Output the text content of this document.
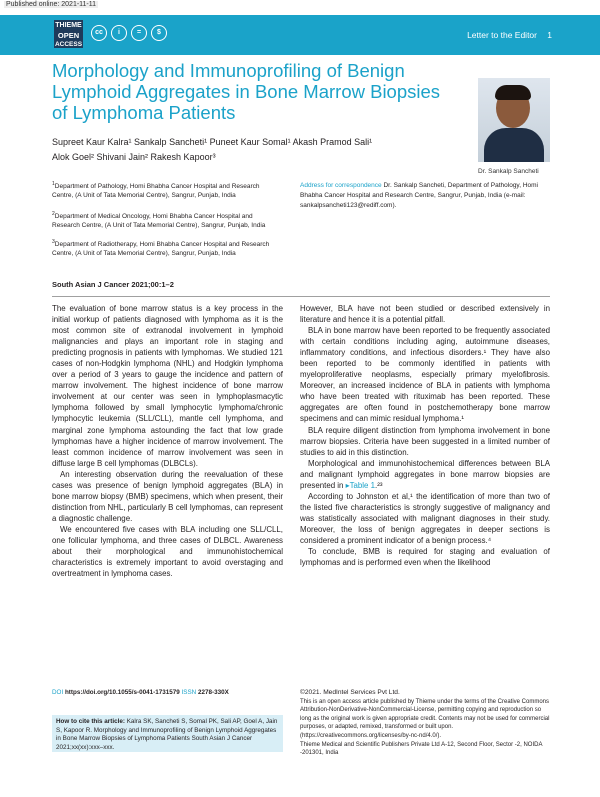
Published online: 2021-11-11
THIEME
OPEN
ACCESS
cc	i	=	$	Letter to the Editor 1
Morphology and Immunoprofiling of Benign Lymphoid Aggregates in Bone Marrow Biopsies of Lymphoma Patients
Dr. Sankalp Sancheti
Supreet Kaur Kalra¹ Sankalp Sancheti¹ Puneet Kaur Somal¹ Akash Pramod Sali¹
Alok Goel² Shivani Jain² Rakesh Kapoor³
$^1$Department of Pathology, Homi Bhabha Cancer Hospital and Research Centre, (A Unit of Tata Memorial Centre), Sangrur, Punjab, India
$^2$Department of Medical Oncology, Homi Bhabha Cancer Hospital and Research Centre, (A Unit of Tata Memorial Centre), Sangrur, Punjab, India
$^3$Department of Radiotherapy, Homi Bhabha Cancer Hospital and Research Centre, (A Unit of Tata Memorial Centre), Sangrur, Punjab, India
Address for correspondence Dr. Sankalp Sancheti, Department of Pathology, Homi Bhabha Cancer Hospital and Research Centre, Sangrur, Punjab, India (e-mail: sankalpsancheti123@rediff.com).
South Asian J Cancer 2021;00:1–2

The evaluation of bone marrow status is a key process in the initial workup of patients diagnosed with lymphoma as it is the most common site of extranodal involvement in lymphoid malignancies and plays an important role in staging and predicting prognosis in patients with lymphomas. We studied 121 cases of non-Hodgkin lymphoma (NHL) and Hodgkin lymphoma over a period of 3 years to gauge the incidence and pattern of marrow involvement. The highest incidence of bone marrow involvement at our center was seen in lymphoplasmacytic lymphoma followed by small lymphocytic lymphoma/chronic lymphocytic leukemia (SLL/CLL), mantle cell lymphoma, and marginal zone lymphoma astounding the fact that low grade lymphomas have a higher incidence of marrow involvement. The least common incidence of marrow involvement was seen in diffuse large B cell lymphomas (DLBCLs).

An interesting observation during the reevaluation of these cases was presence of benign lymphoid aggregates (BLA) in bone marrow biopsy (BMB) specimens, which when present, their distinction from NHL, particularly B cell lymphomas, can represent a diagnostic challenge.

We encountered five cases with BLA including one SLL/CLL, one follicular lymphoma, and three cases of DLBCL. Awareness about their morphological and immunohistochemical characteristics is extremely important to avoid overstaging and overtreatment in lymphoma cases.

However, BLA have not been studied or described extensively in literature and hence it is a potential pitfall.

BLA in bone marrow have been reported to be frequently associated with certain conditions including aging, autoimmune diseases, inflammatory conditions, and infectious disorders.¹ They have also been reported to be commonly identified in patients with myeloproliferative neoplasms, especially primary myelofibrosis. Moreover, an increased incidence of BLA in patients with lymphoma who have been treated with rituximab has been reported. These aggregates are often found in postchemotherapy bone marrow specimens and can mimic residual lymphoma.¹

BLA require diligent distinction from lymphoma involvement in bone marrow biopsies. Criteria have been suggested in a limited number of studies to aid in this distinction.

Morphological and immunohistochemical differences between BLA and malignant lymphoid aggregates in bone marrow biopsies are presented in ▸Table 1.²³

According to Johnston et al,¹ the identification of more than two of the listed five characteristics is strongly suggestive of malignancy and was statistically associated with malignant diagnoses in their study. Moreover, the loss of benign aggregates in deeper sections is considered a prominent indicator of a benign process.⁴

To conclude, BMB is required for staging and evaluation of lymphomas and is performed even when the likelihood

DOI https://doi.org/10.1055/s-0041-1731579 ISSN 2278-330X
How to cite this article: Kalra SK, Sancheti S, Somal PK, Sali AP, Goel A, Jain S, Kapoor R. Morphology and Immunoprofiling of Benign Lymphoid Aggregates in Bone Marrow Biopsies of Lymphoma Patients South Asian J Cancer 2021;xx(xx):xxx–xxx.
©2021. MedIntel Services Pvt Ltd.
This is an open access article published by Thieme under the terms of the Creative Commons Attribution-NonDerivative-NonCommercial-License, permitting copying and reproduction so long as the original work is given appropriate credit. Contents may not be used for commercial purposes, or adapted, remixed, transformed or built upon. (https://creativecommons.org/licenses/by-nc-nd/4.0/).
Thieme Medical and Scientific Publishers Private Ltd A-12, Second Floor, Sector -2, NOIDA -201301, India
